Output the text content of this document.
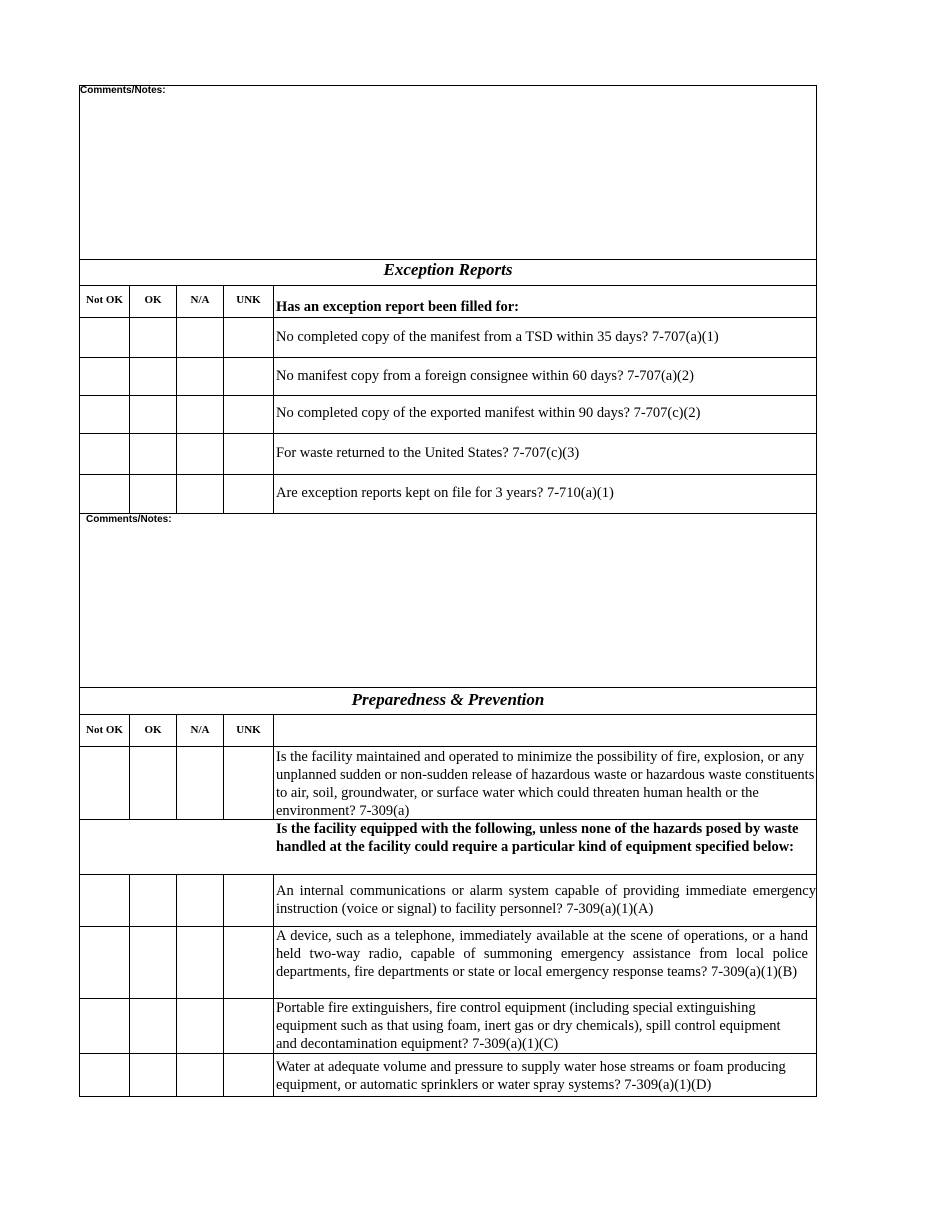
Comments/Notes:
Exception Reports
Not OK	OK	N/A	UNK	Has an exception report been filled for:
No completed copy of the manifest from a TSD within 35 days? 7-707(a)(1)
No manifest copy from a foreign consignee within 60 days? 7-707(a)(2)
No completed copy of the exported manifest within 90 days? 7-707(c)(2)
For waste returned to the United States? 7-707(c)(3)
Are exception reports kept on file for 3 years? 7-710(a)(1)
Comments/Notes:
Preparedness & Prevention
Not OK	OK	N/A	UNK
Is the facility maintained and operated to minimize the possibility of fire, explosion, or any unplanned sudden or non-sudden release of hazardous waste or hazardous waste constituents to air, soil, groundwater, or surface water which could threaten human health or the environment? 7-309(a)
Is the facility equipped with the following, unless none of the hazards posed by waste handled at the facility could require a particular kind of equipment specified below:
An internal communications or alarm system capable of providing immediate emergency instruction (voice or signal) to facility personnel? 7-309(a)(1)(A)
A device, such as a telephone, immediately available at the scene of operations, or a hand held two-way radio, capable of summoning emergency assistance from local police departments, fire departments or state or local emergency response teams? 7-309(a)(1)(B)
Portable fire extinguishers, fire control equipment (including special extinguishing equipment such as that using foam, inert gas or dry chemicals), spill control equipment and decontamination equipment? 7-309(a)(1)(C)
Water at adequate volume and pressure to supply water hose streams or foam producing equipment, or automatic sprinklers or water spray systems? 7-309(a)(1)(D)
